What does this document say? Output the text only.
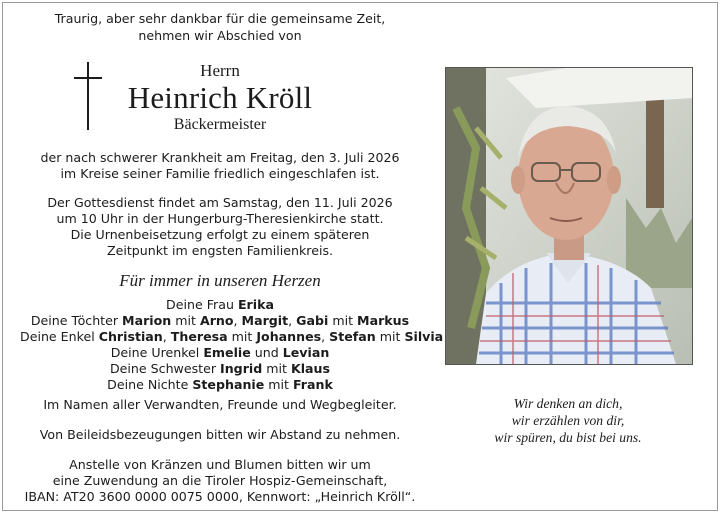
Traurig, aber sehr dankbar für die gemeinsame Zeit,
nehmen wir Abschied von
Herrn
Heinrich Kröll
Bäckermeister
der nach schwerer Krankheit am Freitag, den 3. Juli 2026
im Kreise seiner Familie friedlich eingeschlafen ist.
Der Gottesdienst findet am Samstag, den 11. Juli 2026
um 10 Uhr in der Hungerburg-Theresienkirche statt.
Die Urnenbeisetzung erfolgt zu einem späteren
Zeitpunkt im engsten Familienkreis.
Für immer in unseren Herzen
Deine Frau Erika
Deine Töchter Marion mit Arno, Margit, Gabi mit Markus
Deine Enkel Christian, Theresa mit Johannes, Stefan mit Silvia
Deine Urenkel Emelie und Levian
Deine Schwester Ingrid mit Klaus
Deine Nichte Stephanie mit Frank
Im Namen aller Verwandten, Freunde und Wegbegleiter.
Von Beileidsbezeugungen bitten wir Abstand zu nehmen.
Anstelle von Kränzen und Blumen bitten wir um
eine Zuwendung an die Tiroler Hospiz-Gemeinschaft,
IBAN: AT20 3600 0000 0075 0000, Kennwort: „Heinrich Kröll“.
Wir denken an dich,
wir erzählen von dir,
wir spüren, du bist bei uns.
